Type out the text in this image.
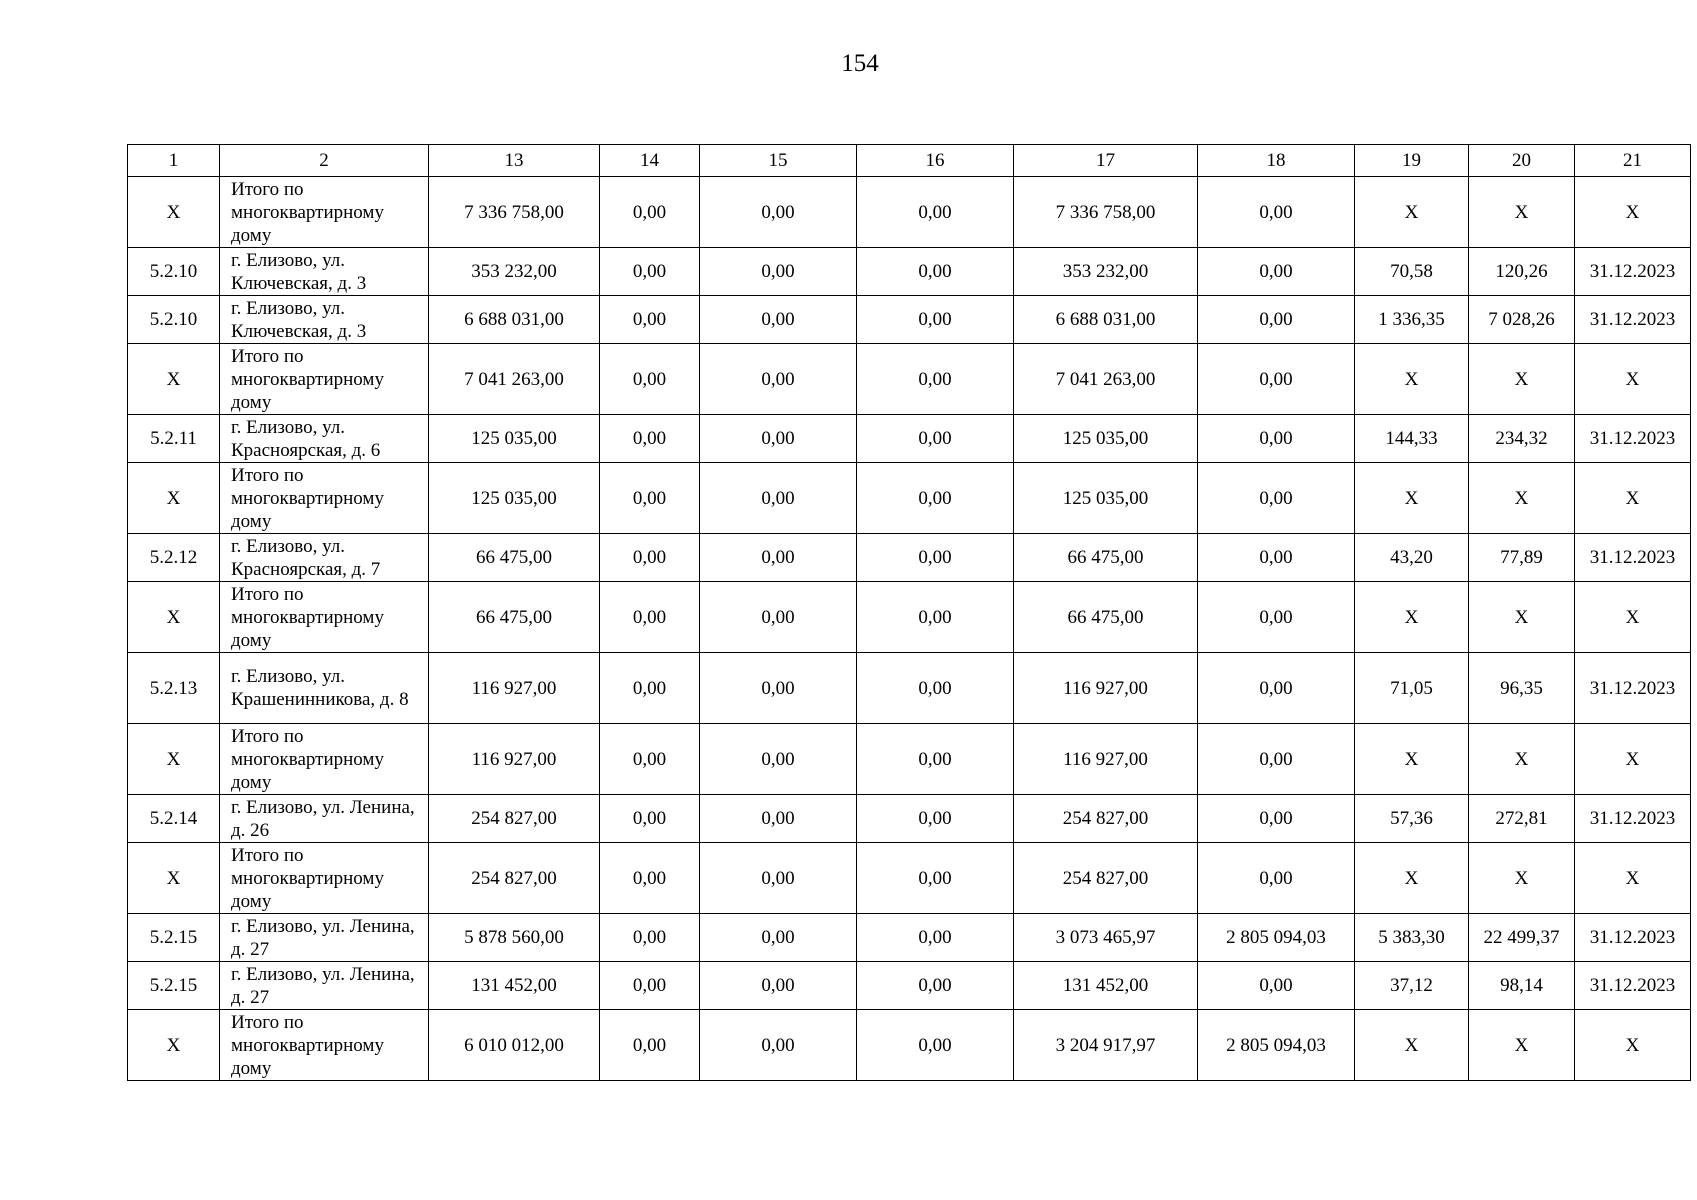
154
1	2	13	14	15	16	17	18	19	20	21
Х	Итого по многоквартирному дому	7 336 758,00	0,00	0,00	0,00	7 336 758,00	0,00	Х	Х	Х
5.2.10	г. Елизово, ул. Ключевская, д. 3	353 232,00	0,00	0,00	0,00	353 232,00	0,00	70,58	120,26	31.12.2023
5.2.10	г. Елизово, ул. Ключевская, д. 3	6 688 031,00	0,00	0,00	0,00	6 688 031,00	0,00	1 336,35	7 028,26	31.12.2023
Х	Итого по многоквартирному дому	7 041 263,00	0,00	0,00	0,00	7 041 263,00	0,00	Х	Х	Х
5.2.11	г. Елизово, ул. Красноярская, д. 6	125 035,00	0,00	0,00	0,00	125 035,00	0,00	144,33	234,32	31.12.2023
Х	Итого по многоквартирному дому	125 035,00	0,00	0,00	0,00	125 035,00	0,00	Х	Х	Х
5.2.12	г. Елизово, ул. Красноярская, д. 7	66 475,00	0,00	0,00	0,00	66 475,00	0,00	43,20	77,89	31.12.2023
Х	Итого по многоквартирному дому	66 475,00	0,00	0,00	0,00	66 475,00	0,00	Х	Х	Х
5.2.13	г. Елизово, ул. Крашенинникова, д. 8	116 927,00	0,00	0,00	0,00	116 927,00	0,00	71,05	96,35	31.12.2023
Х	Итого по многоквартирному дому	116 927,00	0,00	0,00	0,00	116 927,00	0,00	Х	Х	Х
5.2.14	г. Елизово, ул. Ленина, д. 26	254 827,00	0,00	0,00	0,00	254 827,00	0,00	57,36	272,81	31.12.2023
Х	Итого по многоквартирному дому	254 827,00	0,00	0,00	0,00	254 827,00	0,00	Х	Х	Х
5.2.15	г. Елизово, ул. Ленина, д. 27	5 878 560,00	0,00	0,00	0,00	3 073 465,97	2 805 094,03	5 383,30	22 499,37	31.12.2023
5.2.15	г. Елизово, ул. Ленина, д. 27	131 452,00	0,00	0,00	0,00	131 452,00	0,00	37,12	98,14	31.12.2023
Х	Итого по многоквартирному дому	6 010 012,00	0,00	0,00	0,00	3 204 917,97	2 805 094,03	Х	Х	Х
